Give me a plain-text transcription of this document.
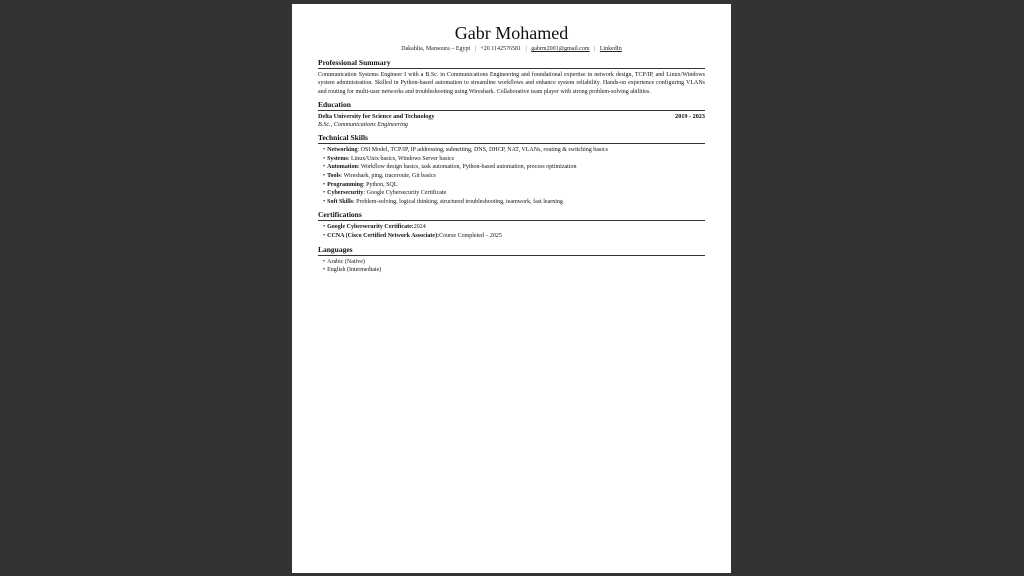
Gabr Mohamed
Dakahlia, Mansoura – Egypt | +20 1142576581 | gabrm2001@gmail.com | LinkedIn
Professional Summary

Communication Systems Engineer I with a B.Sc. in Communications Engineering and foundational expertise in network design, TCP/IP, and Linux/Windows system administration. Skilled in Python-based automation to streamline workflows and enhance system reliability. Hands-on experience configuring VLANs and routing for multi-user networks and troubleshooting using Wireshark. Collaborative team player with strong problem-solving abilities.

Education
Delta University for Science and Technology	2019 - 2023
B.Sc., Communications Engineering
Technical Skills
• Networking: OSI Model, TCP/IP, IP addressing, subnetting, DNS, DHCP, NAT, VLANs, routing & switching basics
• Systems: Linux/Unix basics, Windows Server basics
• Automation: Workflow design basics, task automation, Python-based automation, process optimization
• Tools: Wireshark, ping, traceroute, Git basics
• Programming: Python, SQL
• Cybersecurity: Google Cybersecurity Certificate
• Soft Skills: Problem-solving, logical thinking, structured troubleshooting, teamwork, fast learning
Certifications
• Google Cybersecurity Certificate:2024
• CCNA (Cisco Certified Network Associate):Course Completed – 2025
Languages
• Arabic (Native)
• English (Intermediate)
